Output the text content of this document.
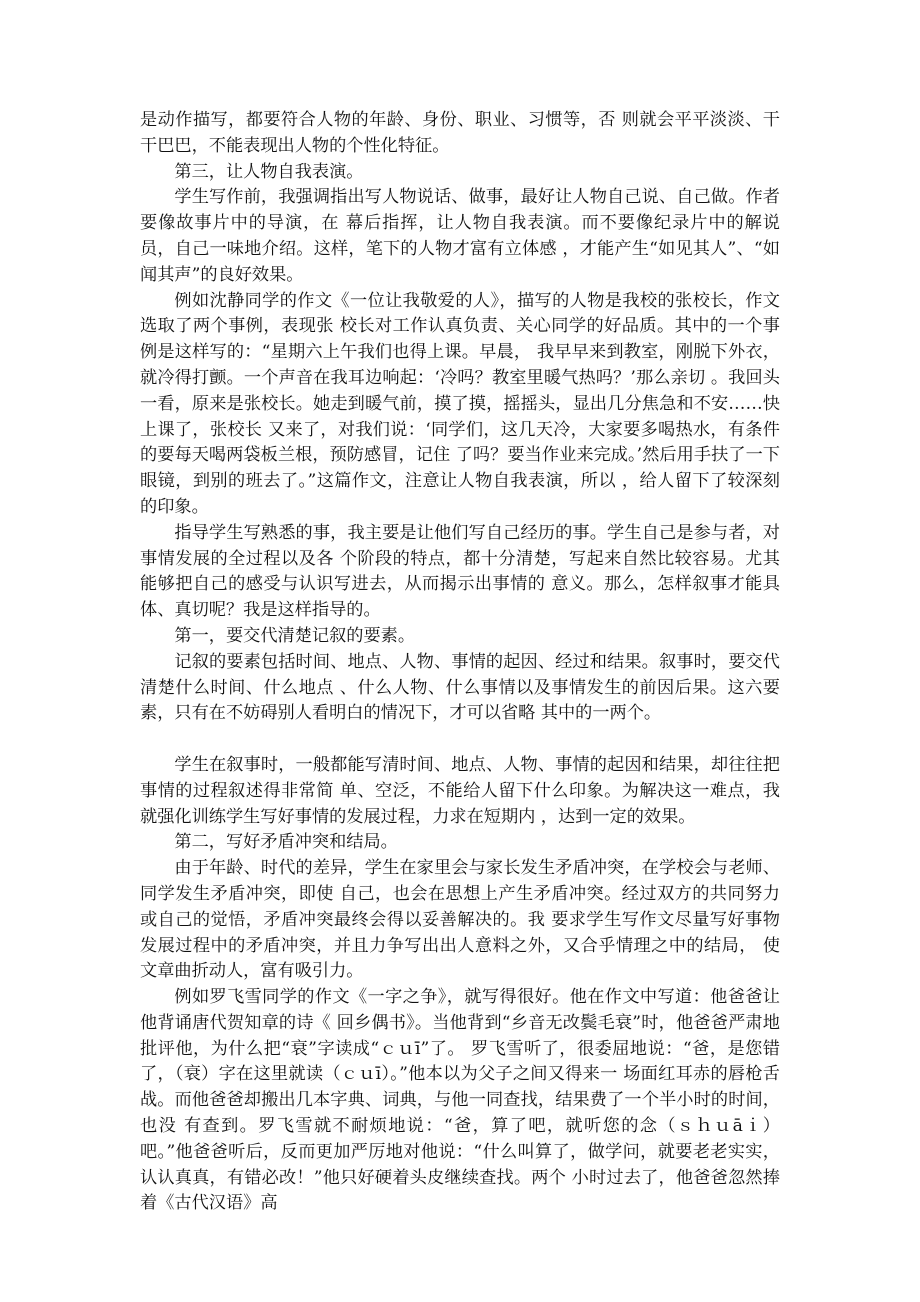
是动作描写，都要符合人物的年龄、身份、职业、习惯等，否 则就会平平淡淡、干干巴巴，不能表现出人物的个性化特征。

第三，让人物自我表演。

学生写作前，我强调指出写人物说话、做事，最好让人物自己说、自己做。作者要像故事片中的导演，在 幕后指挥，让人物自我表演。而不要像纪录片中的解说员，自己一味地介绍。这样，笔下的人物才富有立体感 ，才能产生“如见其人”、“如闻其声”的良好效果。

例如沈静同学的作文《一位让我敬爱的人》，描写的人物是我校的张校长，作文选取了两个事例，表现张 校长对工作认真负责、关心同学的好品质。其中的一个事例是这样写的：“星期六上午我们也得上课。早晨， 我早早来到教室，刚脱下外衣，就冷得打颤。一个声音在我耳边响起：‘冷吗？教室里暖气热吗？’那么亲切 。我回头一看，原来是张校长。她走到暖气前，摸了摸，摇摇头，显出几分焦急和不安……快上课了，张校长 又来了，对我们说：‘同学们，这几天冷，大家要多喝热水，有条件的要每天喝两袋板兰根，预防感冒，记住 了吗？要当作业来完成。’然后用手扶了一下眼镜，到别的班去了。”这篇作文，注意让人物自我表演，所以 ，给人留下了较深刻的印象。

指导学生写熟悉的事，我主要是让他们写自己经历的事。学生自己是参与者，对事情发展的全过程以及各 个阶段的特点，都十分清楚，写起来自然比较容易。尤其能够把自己的感受与认识写进去，从而揭示出事情的 意义。那么，怎样叙事才能具体、真切呢？我是这样指导的。

第一，要交代清楚记叙的要素。

记叙的要素包括时间、地点、人物、事情的起因、经过和结果。叙事时，要交代清楚什么时间、什么地点 、什么人物、什么事情以及事情发生的前因后果。这六要素，只有在不妨碍别人看明白的情况下，才可以省略 其中的一两个。

学生在叙事时，一般都能写清时间、地点、人物、事情的起因和结果，却往往把事情的过程叙述得非常简 单、空泛，不能给人留下什么印象。为解决这一难点，我就强化训练学生写好事情的发展过程，力求在短期内 ，达到一定的效果。

第二，写好矛盾冲突和结局。

由于年龄、时代的差异，学生在家里会与家长发生矛盾冲突，在学校会与老师、同学发生矛盾冲突，即使 自己，也会在思想上产生矛盾冲突。经过双方的共同努力或自己的觉悟，矛盾冲突最终会得以妥善解决的。我 要求学生写作文尽量写好事物发展过程中的矛盾冲突，并且力争写出出人意料之外，又合乎情理之中的结局， 使文章曲折动人，富有吸引力。

例如罗飞雪同学的作文《一字之争》，就写得很好。他在作文中写道：他爸爸让他背诵唐代贺知章的诗《 回乡偶书》。当他背到“乡音无改鬓毛衰”时，他爸爸严肃地批评他，为什么把“衰”字读成“ｃｕī”了。 罗飞雪听了，很委屈地说：“爸，是您错了，（衰）字在这里就读（ｃｕī）。”他本以为父子之间又得来一 场面红耳赤的唇枪舌战。而他爸爸却搬出几本字典、词典，与他一同查找，结果费了一个半小时的时间，也没 有查到。罗飞雪就不耐烦地说：“爸，算了吧，就听您的念（ｓｈｕāｉ）吧。”他爸爸听后，反而更加严厉地对他说：“什么叫算了，做学问，就要老老实实，认认真真，有错必改！”他只好硬着头皮继续查找。两个 小时过去了，他爸爸忽然捧着《古代汉语》高
